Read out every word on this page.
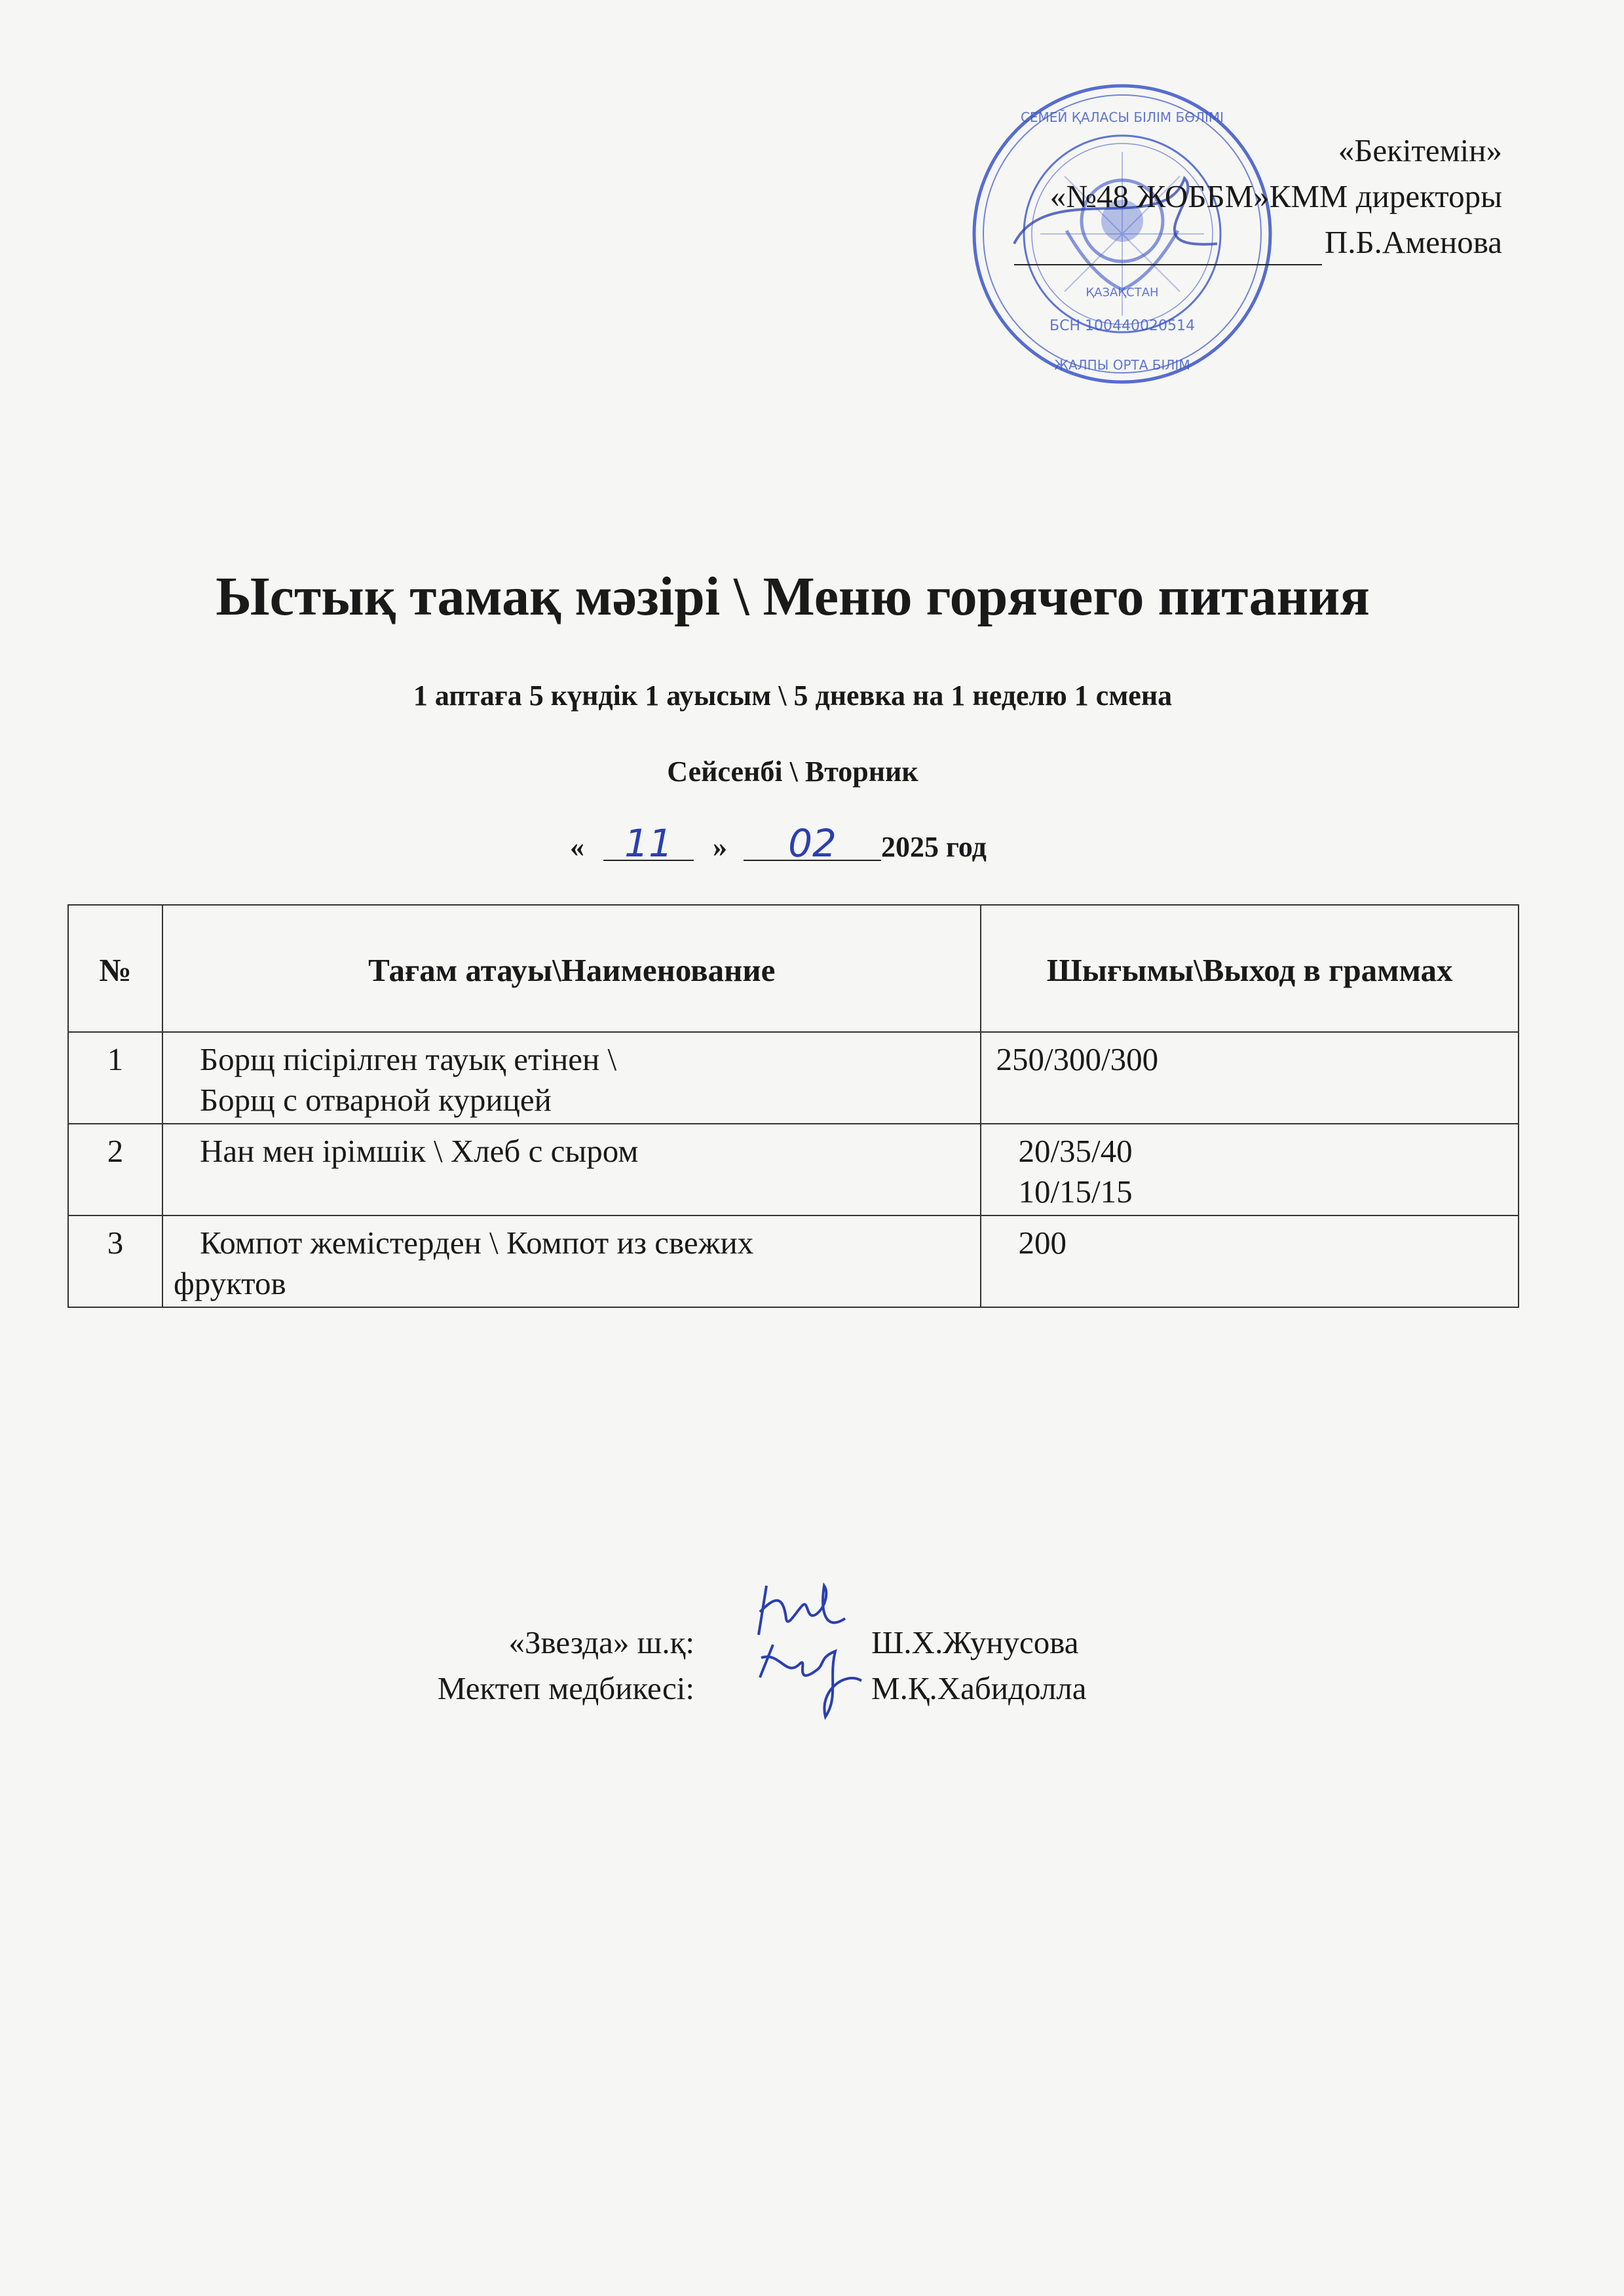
ҚАЗАҚСТАН
БСН 100440020514
СЕМЕЙ ҚАЛАСЫ БІЛІМ БӨЛІМІ
ЖАЛПЫ ОРТА БІЛІМ
«Бекітемін»
«№48 ЖОББМ»КММ директоры
П.Б.Аменова
Ыстық тамақ мәзірі \ Меню горячего питания
1 аптаға 5 күндік 1 ауысым \ 5 дневка на 1 неделю 1 смена
Сейсенбі \ Вторник
« 11 » 02 2025 год
№	Тағам атауы\Наименование	Шығымы\Выход в граммах
1	Борщ пісірілген тауық етінен \
Борщ с отварной курицей	250/300/300

2	Нан мен ірімшік \ Хлеб с сыром	20/35/40
10/15/15

3	Компот жемістерден \ Компот из свежих
фруктов	200
«Звезда» ш.қ:	Ш.Х.Жунусова
Мектеп медбикесі:	М.Қ.Хабидолла
